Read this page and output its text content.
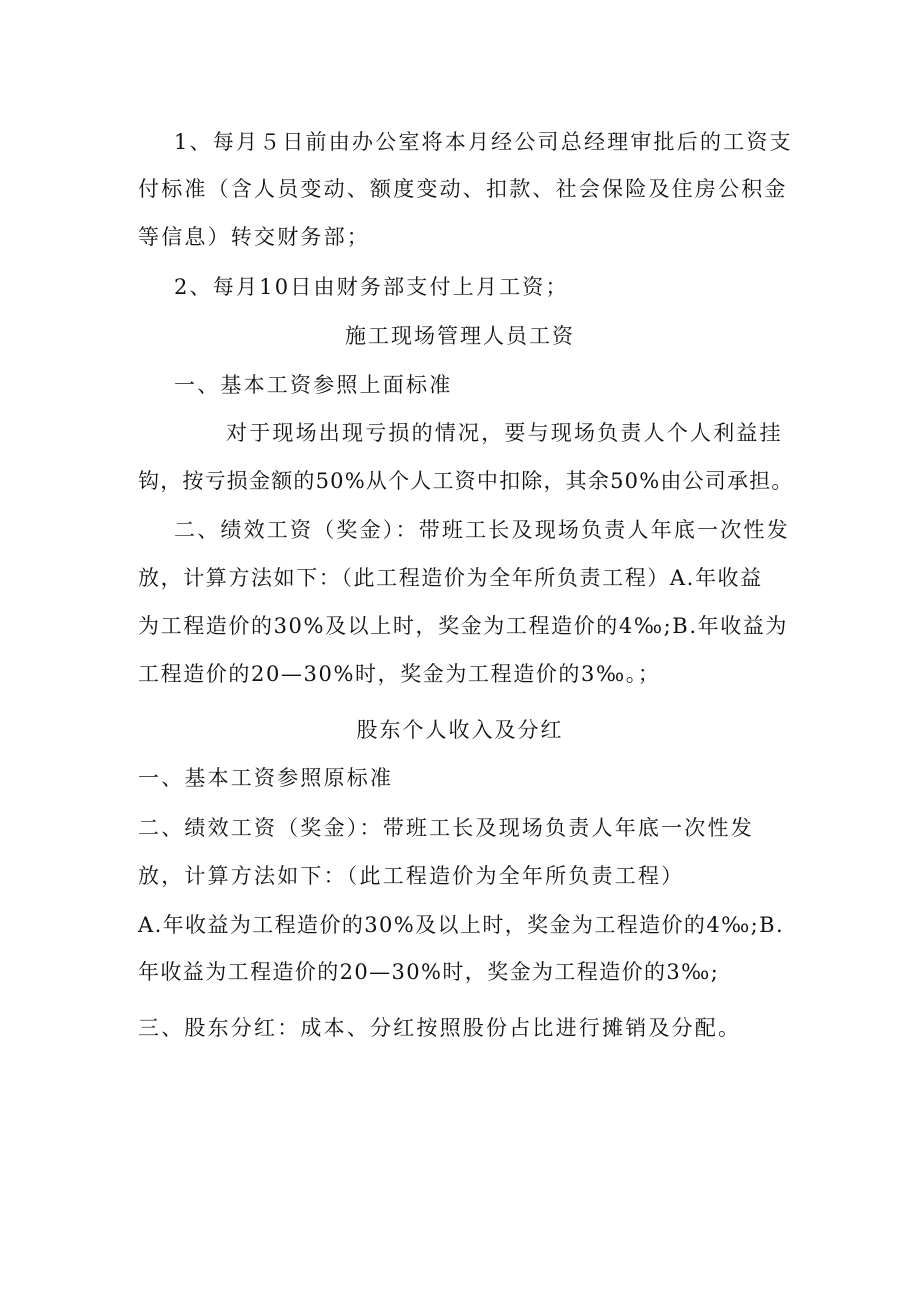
1、每月５日前由办公室将本月经公司总经理审批后的工资支
付标准（含人员变动、额度变动、扣款、社会保险及住房公积金
等信息）转交财务部；
2、每月10日由财务部支付上月工资；
施工现场管理人员工资
一、基本工资参照上面标准
对于现场出现亏损的情况，要与现场负责人个人利益挂
钩，按亏损金额的50%从个人工资中扣除，其余50%由公司承担。
二、绩效工资（奖金）：带班工长及现场负责人年底一次性发
放，计算方法如下：（此工程造价为全年所负责工程）A.年收益
为工程造价的30%及以上时，奖金为工程造价的4‰;B.年收益为
工程造价的20—30%时，奖金为工程造价的3‰。；
股东个人收入及分红
一、基本工资参照原标准
二、绩效工资（奖金）：带班工长及现场负责人年底一次性发
放，计算方法如下：（此工程造价为全年所负责工程）
A.年收益为工程造价的30%及以上时，奖金为工程造价的4‰;B.
年收益为工程造价的20—30%时，奖金为工程造价的3‰;
三、股东分红：成本、分红按照股份占比进行摊销及分配。
